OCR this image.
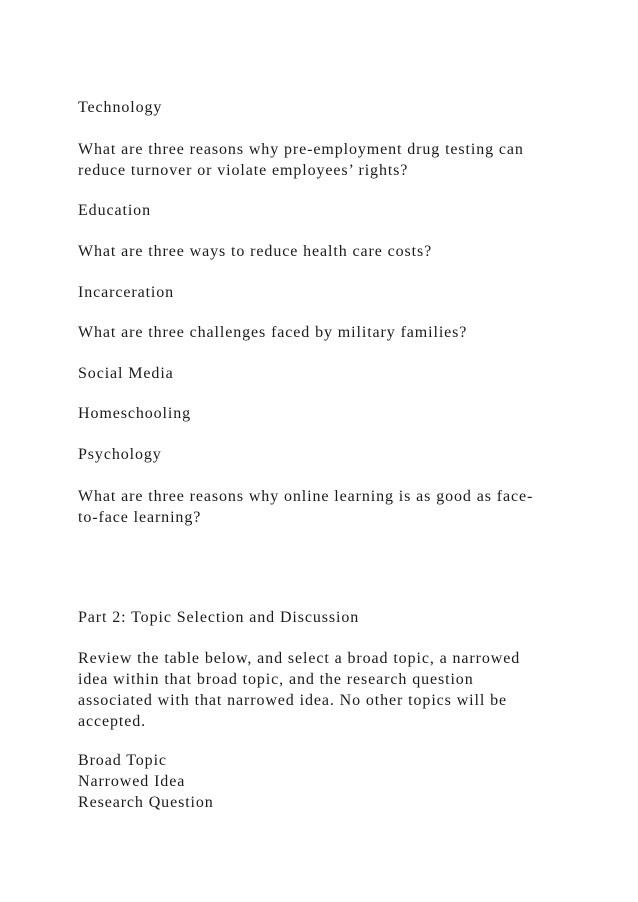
Technology

What are three reasons why pre-employment drug testing can
reduce turnover or violate employees’ rights?

Education

What are three ways to reduce health care costs?

Incarceration

What are three challenges faced by military families?

Social Media

Homeschooling

Psychology

What are three reasons why online learning is as good as face-
to-face learning?

Part 2: Topic Selection and Discussion

Review the table below, and select a broad topic, a narrowed
idea within that broad topic, and the research question
associated with that narrowed idea. No other topics will be
accepted.

Broad Topic
Narrowed Idea
Research Question
